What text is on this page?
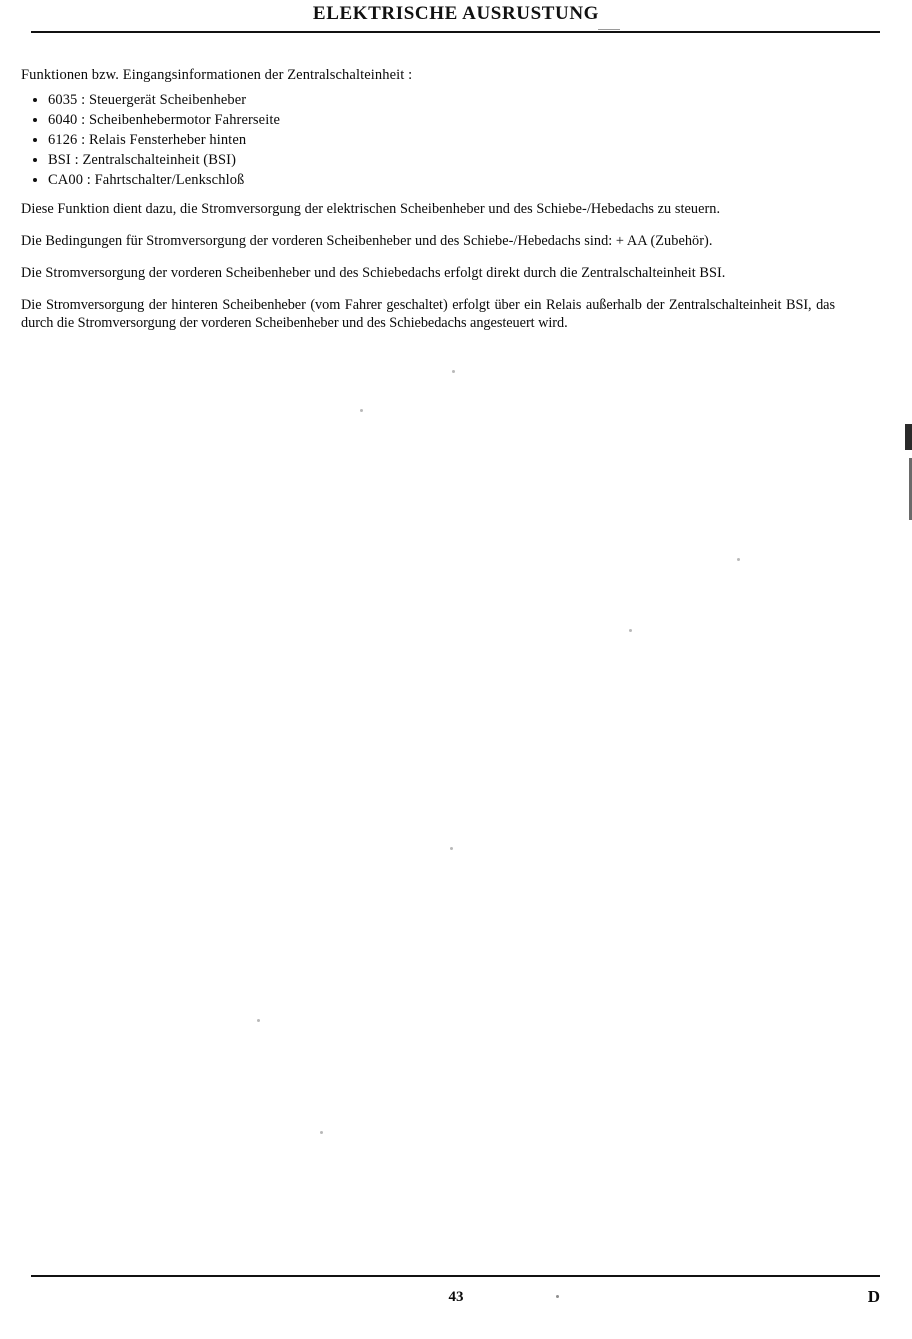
ELEKTRISCHE AUSRUSTUNG

Funktionen bzw. Eingangsinformationen der Zentralschalteinheit :

6035 : Steuergerät Scheibenheber
6040 : Scheibenhebermotor Fahrerseite
6126 : Relais Fensterheber hinten
BSI : Zentralschalteinheit (BSI)
CA00 : Fahrtschalter/Lenkschloß

Diese Funktion dient dazu, die Stromversorgung der elektrischen Scheibenheber und des Schiebe-/Hebedachs zu steuern.

Die Bedingungen für Stromversorgung der vorderen Scheibenheber und des Schiebe-/Hebedachs sind: + AA (Zubehör).

Die Stromversorgung der vorderen Scheibenheber und des Schiebedachs erfolgt direkt durch die Zentralschalteinheit BSI.

Die Stromversorgung der hinteren Scheibenheber (vom Fahrer geschaltet) erfolgt über ein Relais außerhalb der Zentralschalteinheit BSI, das durch die Stromversorgung der vorderen Scheibenheber und des Schiebedachs angesteuert wird.

43	D
